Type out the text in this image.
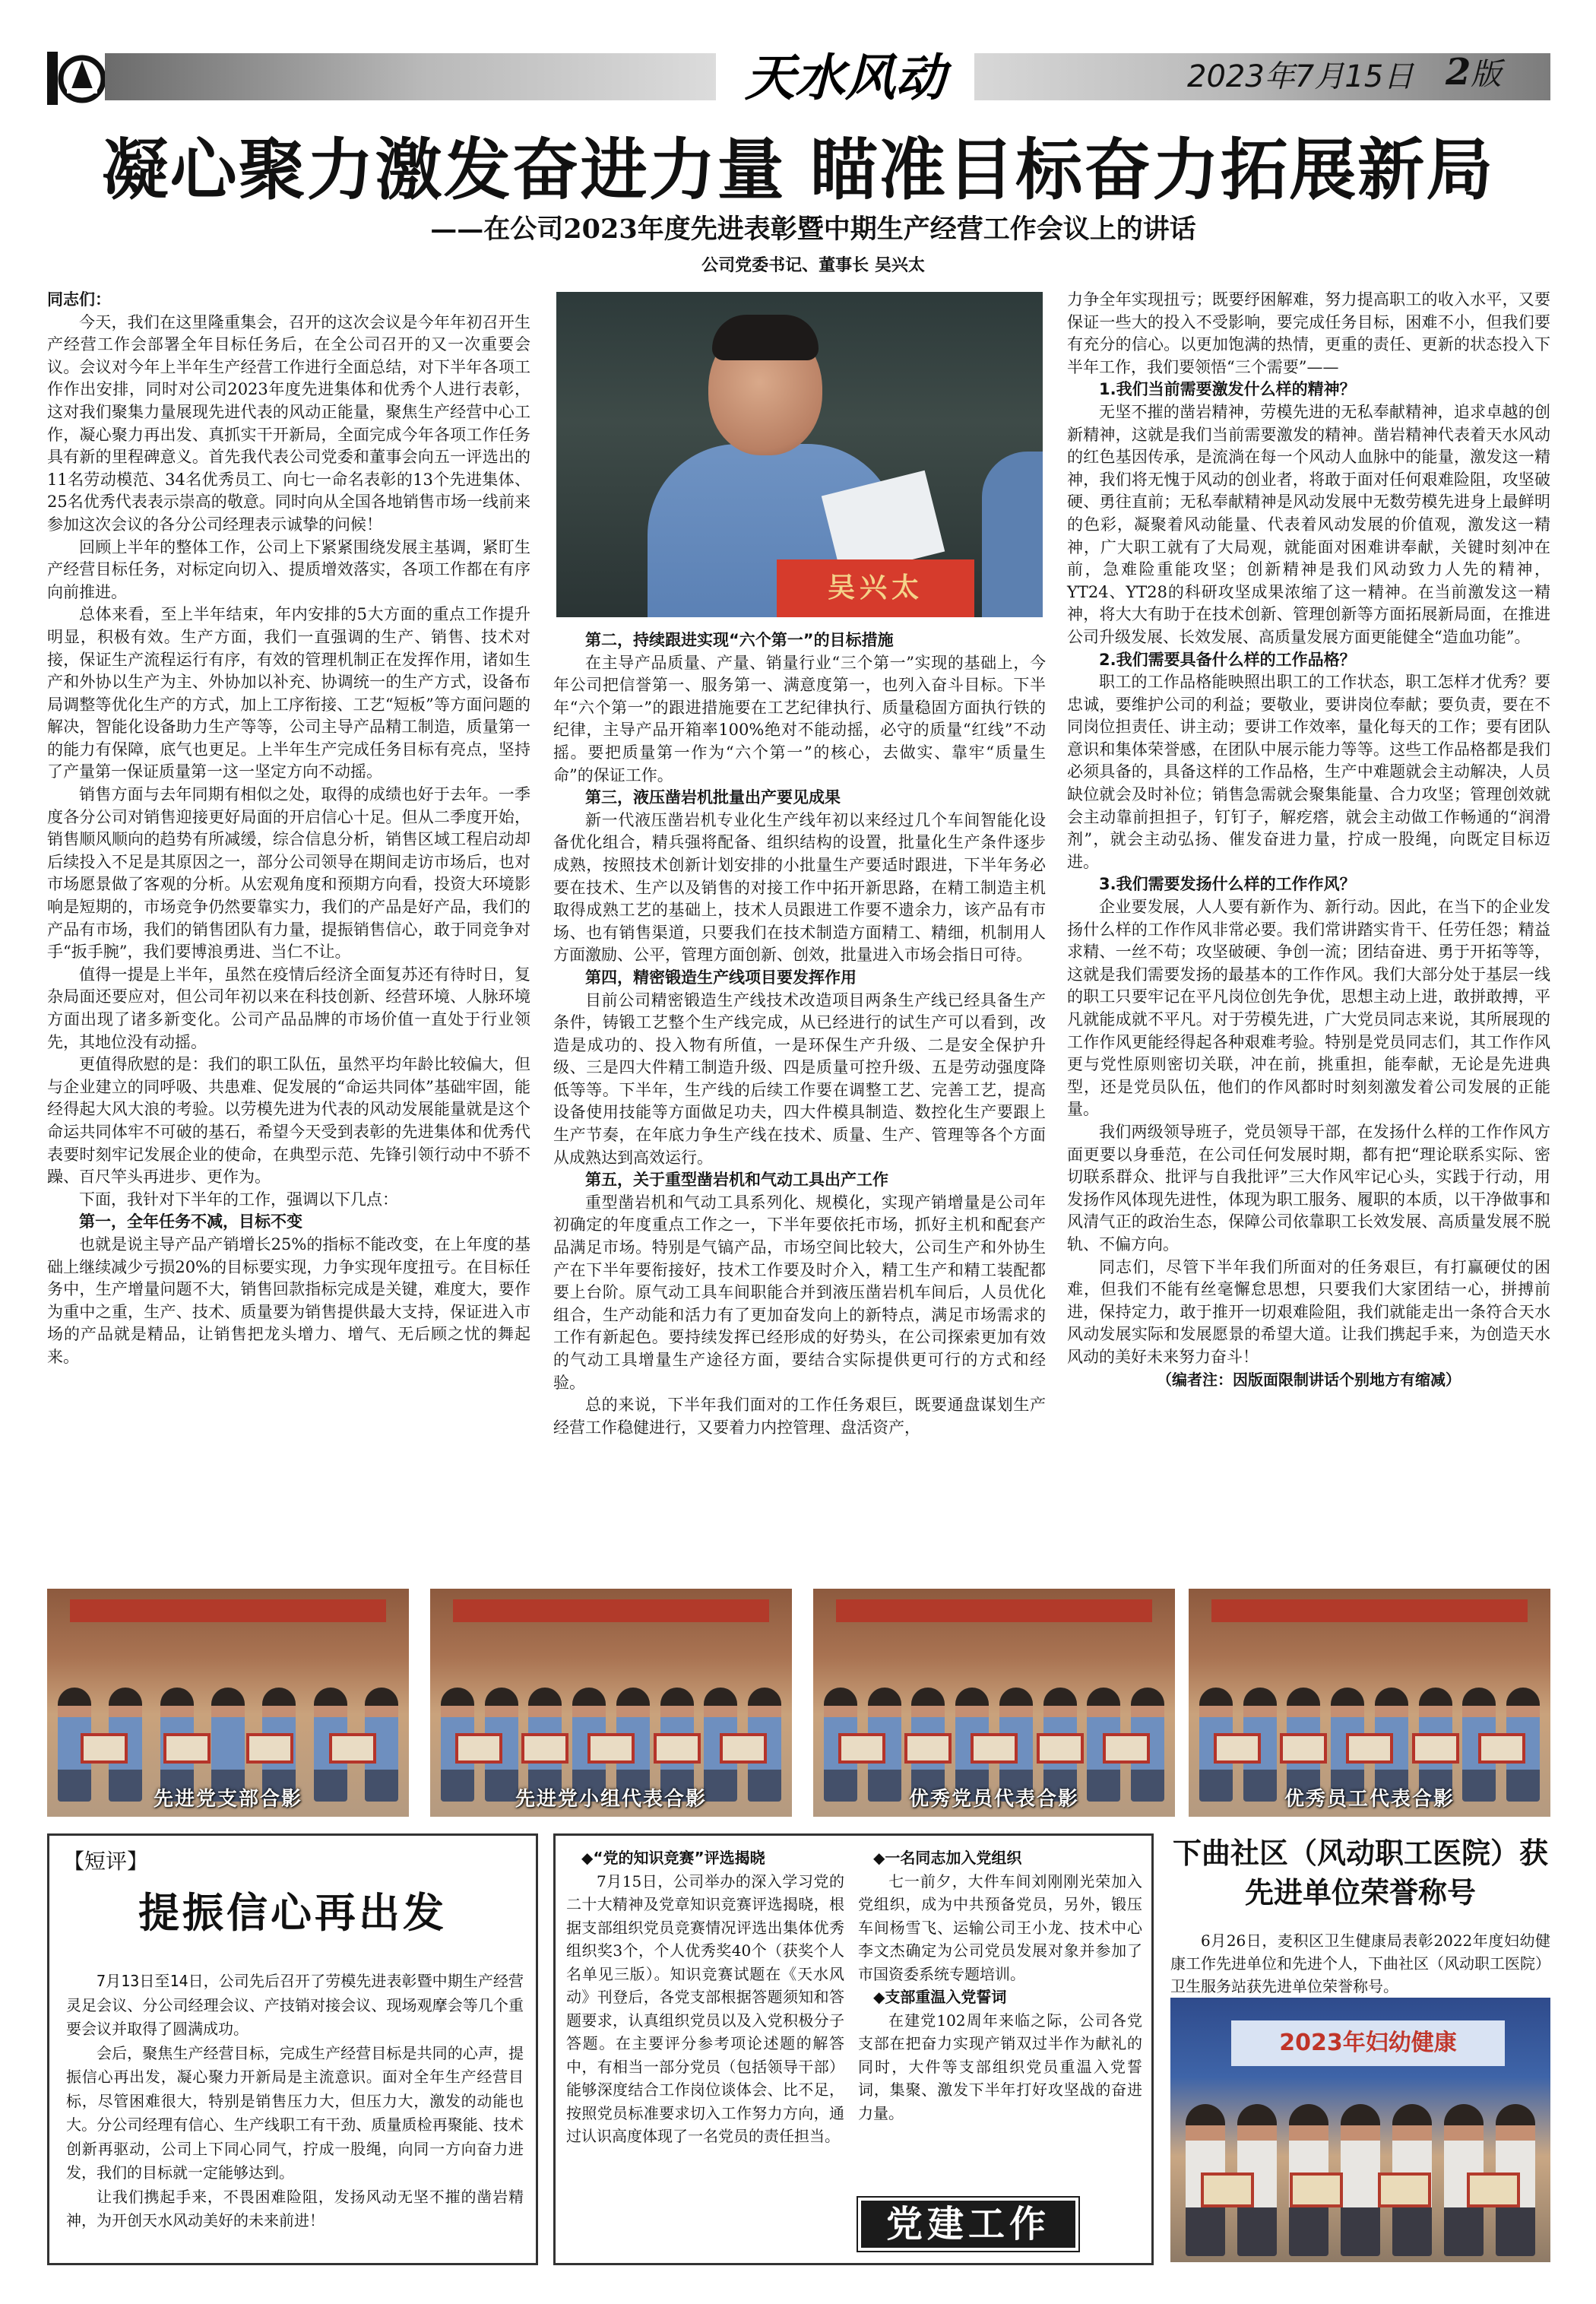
天水风动	2023年7月15日 2版
凝心聚力激发奋进力量 瞄准目标奋力拓展新局
——在公司2023年度先进表彰暨中期生产经营工作会议上的讲话
公司党委书记、董事长 吴兴太

同志们：

今天，我们在这里隆重集会，召开的这次会议是今年年初召开生产经营工作会部署全年目标任务后，在全公司召开的又一次重要会议。会议对今年上半年生产经营工作进行全面总结，对下半年各项工作作出安排，同时对公司2023年度先进集体和优秀个人进行表彰，这对我们聚集力量展现先进代表的风动正能量，聚焦生产经营中心工作，凝心聚力再出发、真抓实干开新局，全面完成今年各项工作任务具有新的里程碑意义。首先我代表公司党委和董事会向五一评选出的11名劳动模范、34名优秀员工、向七一命名表彰的13个先进集体、25名优秀代表表示崇高的敬意。同时向从全国各地销售市场一线前来参加这次会议的各分公司经理表示诚挚的问候！

回顾上半年的整体工作，公司上下紧紧围绕发展主基调，紧盯生产经营目标任务，对标定向切入、提质增效落实，各项工作都在有序向前推进。

总体来看，至上半年结束，年内安排的5大方面的重点工作提升明显，积极有效。生产方面，我们一直强调的生产、销售、技术对接，保证生产流程运行有序，有效的管理机制正在发挥作用，诸如生产和外协以生产为主、外协加以补充、协调统一的生产方式，设备布局调整等优化生产的方式，加上工序衔接、工艺“短板”等方面问题的解决，智能化设备助力生产等等，公司主导产品精工制造，质量第一的能力有保障，底气也更足。上半年生产完成任务目标有亮点，坚持了产量第一保证质量第一这一坚定方向不动摇。

销售方面与去年同期有相似之处，取得的成绩也好于去年。一季度各分公司对销售迎接更好局面的开启信心十足。但从二季度开始，销售顺风顺向的趋势有所减缓，综合信息分析，销售区域工程启动却后续投入不足是其原因之一，部分公司领导在期间走访市场后，也对市场愿景做了客观的分析。从宏观角度和预期方向看，投资大环境影响是短期的，市场竞争仍然要靠实力，我们的产品是好产品，我们的产品有市场，我们的销售团队有力量，提振销售信心，敢于同竞争对手“扳手腕”，我们要博浪勇进、当仁不让。

值得一提是上半年，虽然在疫情后经济全面复苏还有待时日，复杂局面还要应对，但公司年初以来在科技创新、经营环境、人脉环境方面出现了诸多新变化。公司产品品牌的市场价值一直处于行业领先，其地位没有动摇。

更值得欣慰的是：我们的职工队伍，虽然平均年龄比较偏大，但与企业建立的同呼吸、共患难、促发展的“命运共同体”基础牢固，能经得起大风大浪的考验。以劳模先进为代表的风动发展能量就是这个命运共同体牢不可破的基石，希望今天受到表彰的先进集体和优秀代表要时刻牢记发展企业的使命，在典型示范、先锋引领行动中不骄不躁、百尺竿头再进步、更作为。

下面，我针对下半年的工作，强调以下几点：

第一，全年任务不减，目标不变

也就是说主导产品产销增长25%的指标不能改变，在上年度的基础上继续减少亏损20%的目标要实现，力争实现年度扭亏。在目标任务中，生产增量问题不大，销售回款指标完成是关键，难度大，要作为重中之重，生产、技术、质量要为销售提供最大支持，保证进入市场的产品就是精品，让销售把龙头增力、增气、无后顾之忧的舞起来。

吴兴太
第二，持续跟进实现“六个第一”的目标措施

在主导产品质量、产量、销量行业“三个第一”实现的基础上，今年公司把信誉第一、服务第一、满意度第一，也列入奋斗目标。下半年“六个第一”的跟进措施要在工艺纪律执行、质量稳固方面执行铁的纪律，主导产品开箱率100%绝对不能动摇，必守的质量“红线”不动摇。要把质量第一作为“六个第一”的核心，去做实、靠牢“质量生命”的保证工作。

第三，液压凿岩机批量出产要见成果

新一代液压凿岩机专业化生产线年初以来经过几个车间智能化设备优化组合，精兵强将配备、组织结构的设置，批量化生产条件逐步成熟，按照技术创新计划安排的小批量生产要适时跟进，下半年务必要在技术、生产以及销售的对接工作中拓开新思路，在精工制造主机取得成熟工艺的基础上，技术人员跟进工作要不遗余力，该产品有市场、也有销售渠道，只要我们在技术制造方面精工、精细，机制用人方面激励、公平，管理方面创新、创效，批量进入市场会指日可待。

第四，精密锻造生产线项目要发挥作用

目前公司精密锻造生产线技术改造项目两条生产线已经具备生产条件，铸锻工艺整个生产线完成，从已经进行的试生产可以看到，改造是成功的、投入物有所值，一是环保生产升级、二是安全保护升级、三是四大件精工制造升级、四是质量可控升级、五是劳动强度降低等等。下半年，生产线的后续工作要在调整工艺、完善工艺，提高设备使用技能等方面做足功夫，四大件模具制造、数控化生产要跟上生产节奏，在年底力争生产线在技术、质量、生产、管理等各个方面从成熟达到高效运行。

第五，关于重型凿岩机和气动工具出产工作

重型凿岩机和气动工具系列化、规模化，实现产销增量是公司年初确定的年度重点工作之一，下半年要依托市场，抓好主机和配套产品满足市场。特别是气镐产品，市场空间比较大，公司生产和外协生产在下半年要衔接好，技术工作要及时介入，精工生产和精工装配都要上台阶。原气动工具车间职能合并到液压凿岩机车间后，人员优化组合，生产动能和活力有了更加奋发向上的新特点，满足市场需求的工作有新起色。要持续发挥已经形成的好势头，在公司探索更加有效的气动工具增量生产途径方面，要结合实际提供更可行的方式和经验。

总的来说，下半年我们面对的工作任务艰巨，既要通盘谋划生产经营工作稳健进行，又要着力内控管理、盘活资产，

力争全年实现扭亏；既要纾困解难，努力提高职工的收入水平，又要保证一些大的投入不受影响，要完成任务目标，困难不小，但我们要有充分的信心。以更加饱满的热情，更重的责任、更新的状态投入下半年工作，我们要领悟“三个需要”——

1.我们当前需要激发什么样的精神？

无坚不摧的凿岩精神，劳模先进的无私奉献精神，追求卓越的创新精神，这就是我们当前需要激发的精神。凿岩精神代表着天水风动的红色基因传承，是流淌在每一个风动人血脉中的能量，激发这一精神，我们将无愧于风动的创业者，将敢于面对任何艰难险阻，攻坚破硬、勇往直前；无私奉献精神是风动发展中无数劳模先进身上最鲜明的色彩，凝聚着风动能量、代表着风动发展的价值观，激发这一精神，广大职工就有了大局观，就能面对困难讲奉献，关键时刻冲在前，急难险重能攻坚；创新精神是我们风动致力人先的精神，YT24、YT28的科研攻坚成果浓缩了这一精神。在当前激发这一精神，将大大有助于在技术创新、管理创新等方面拓展新局面，在推进公司升级发展、长效发展、高质量发展方面更能健全“造血功能”。

2.我们需要具备什么样的工作品格？

职工的工作品格能映照出职工的工作状态，职工怎样才优秀？要忠诚，要维护公司的利益；要敬业，要讲岗位奉献；要负责，要在不同岗位担责任、讲主动；要讲工作效率，量化每天的工作；要有团队意识和集体荣誉感，在团队中展示能力等等。这些工作品格都是我们必须具备的，具备这样的工作品格，生产中难题就会主动解决，人员缺位就会及时补位；销售急需就会聚集能量、合力攻坚；管理创效就会主动靠前担担子，钉钉子，解疙瘩，就会主动做工作畅通的“润滑剂”，就会主动弘扬、催发奋进力量，拧成一股绳，向既定目标迈进。

3.我们需要发扬什么样的工作作风？

企业要发展，人人要有新作为、新行动。因此，在当下的企业发扬什么样的工作作风非常必要。我们常讲踏实肯干、任劳任怨；精益求精、一丝不苟；攻坚破硬、争创一流；团结奋进、勇于开拓等等，这就是我们需要发扬的最基本的工作作风。我们大部分处于基层一线的职工只要牢记在平凡岗位创先争优，思想主动上进，敢拼敢搏，平凡就能成就不平凡。对于劳模先进，广大党员同志来说，其所展现的工作作风更能经得起各种艰难考验。特别是党员同志们，其工作作风更与党性原则密切关联，冲在前，挑重担，能奉献，无论是先进典型，还是党员队伍，他们的作风都时时刻刻激发着公司发展的正能量。

我们两级领导班子，党员领导干部，在发扬什么样的工作作风方面更要以身垂范，在公司任何发展时期，都有把“理论联系实际、密切联系群众、批评与自我批评”三大作风牢记心头，实践于行动，用发扬作风体现先进性，体现为职工服务、履职的本质，以干净做事和风清气正的政治生态，保障公司依靠职工长效发展、高质量发展不脱轨、不偏方向。

同志们，尽管下半年我们所面对的任务艰巨，有打赢硬仗的困难，但我们不能有丝毫懈怠思想，只要我们大家团结一心，拼搏前进，保持定力，敢于推开一切艰难险阻，我们就能走出一条符合天水风动发展实际和发展愿景的希望大道。让我们携起手来，为创造天水风动的美好未来努力奋斗！

（编者注：因版面限制讲话个别地方有缩减）

先进党支部合影	先进党小组代表合影	优秀党员代表合影	优秀员工代表合影
【短评】
提振信心再出发

7月13日至14日，公司先后召开了劳模先进表彰暨中期生产经营灵足会议、分公司经理会议、产技销对接会议、现场观摩会等几个重要会议并取得了圆满成功。

会后，聚焦生产经营目标，完成生产经营目标是共同的心声，提振信心再出发，凝心聚力开新局是主流意识。面对全年生产经营目标，尽管困难很大，特别是销售压力大，但压力大，激发的动能也大。分公司经理有信心、生产线职工有干劲、质量质检再聚能、技术创新再驱动，公司上下同心同气，拧成一股绳，向同一方向奋力进发，我们的目标就一定能够达到。

让我们携起手来，不畏困难险阻，发扬风动无坚不摧的凿岩精神，为开创天水风动美好的未来前进！

◆“党的知识竞赛”评选揭晓

7月15日，公司举办的深入学习党的二十大精神及党章知识竞赛评选揭晓，根据支部组织党员竞赛情况评选出集体优秀组织奖3个，个人优秀奖40个（获奖个人名单见三版）。知识竞赛试题在《天水风动》刊登后，各党支部根据答题须知和答题要求，认真组织党员以及入党积极分子答题。在主要评分参考项论述题的解答中，有相当一部分党员（包括领导干部）能够深度结合工作岗位谈体会、比不足，按照党员标准要求切入工作努力方向，通过认识高度体现了一名党员的责任担当。

◆一名同志加入党组织

七一前夕，大件车间刘刚刚光荣加入党组织，成为中共预备党员，另外，锻压车间杨雪飞、运输公司王小龙、技术中心李文杰确定为公司党员发展对象并参加了市国资委系统专题培训。

◆支部重温入党誓词

在建党102周年来临之际，公司各党支部在把奋力实现产销双过半作为献礼的同时，大件等支部组织党员重温入党誓词，集聚、激发下半年打好攻坚战的奋进力量。

党建工作
下曲社区（风动职工医院）获先进单位荣誉称号

6月26日，麦积区卫生健康局表彰2022年度妇幼健康工作先进单位和先进个人，下曲社区（风动职工医院）卫生服务站获先进单位荣誉称号。

2023年妇幼健康
